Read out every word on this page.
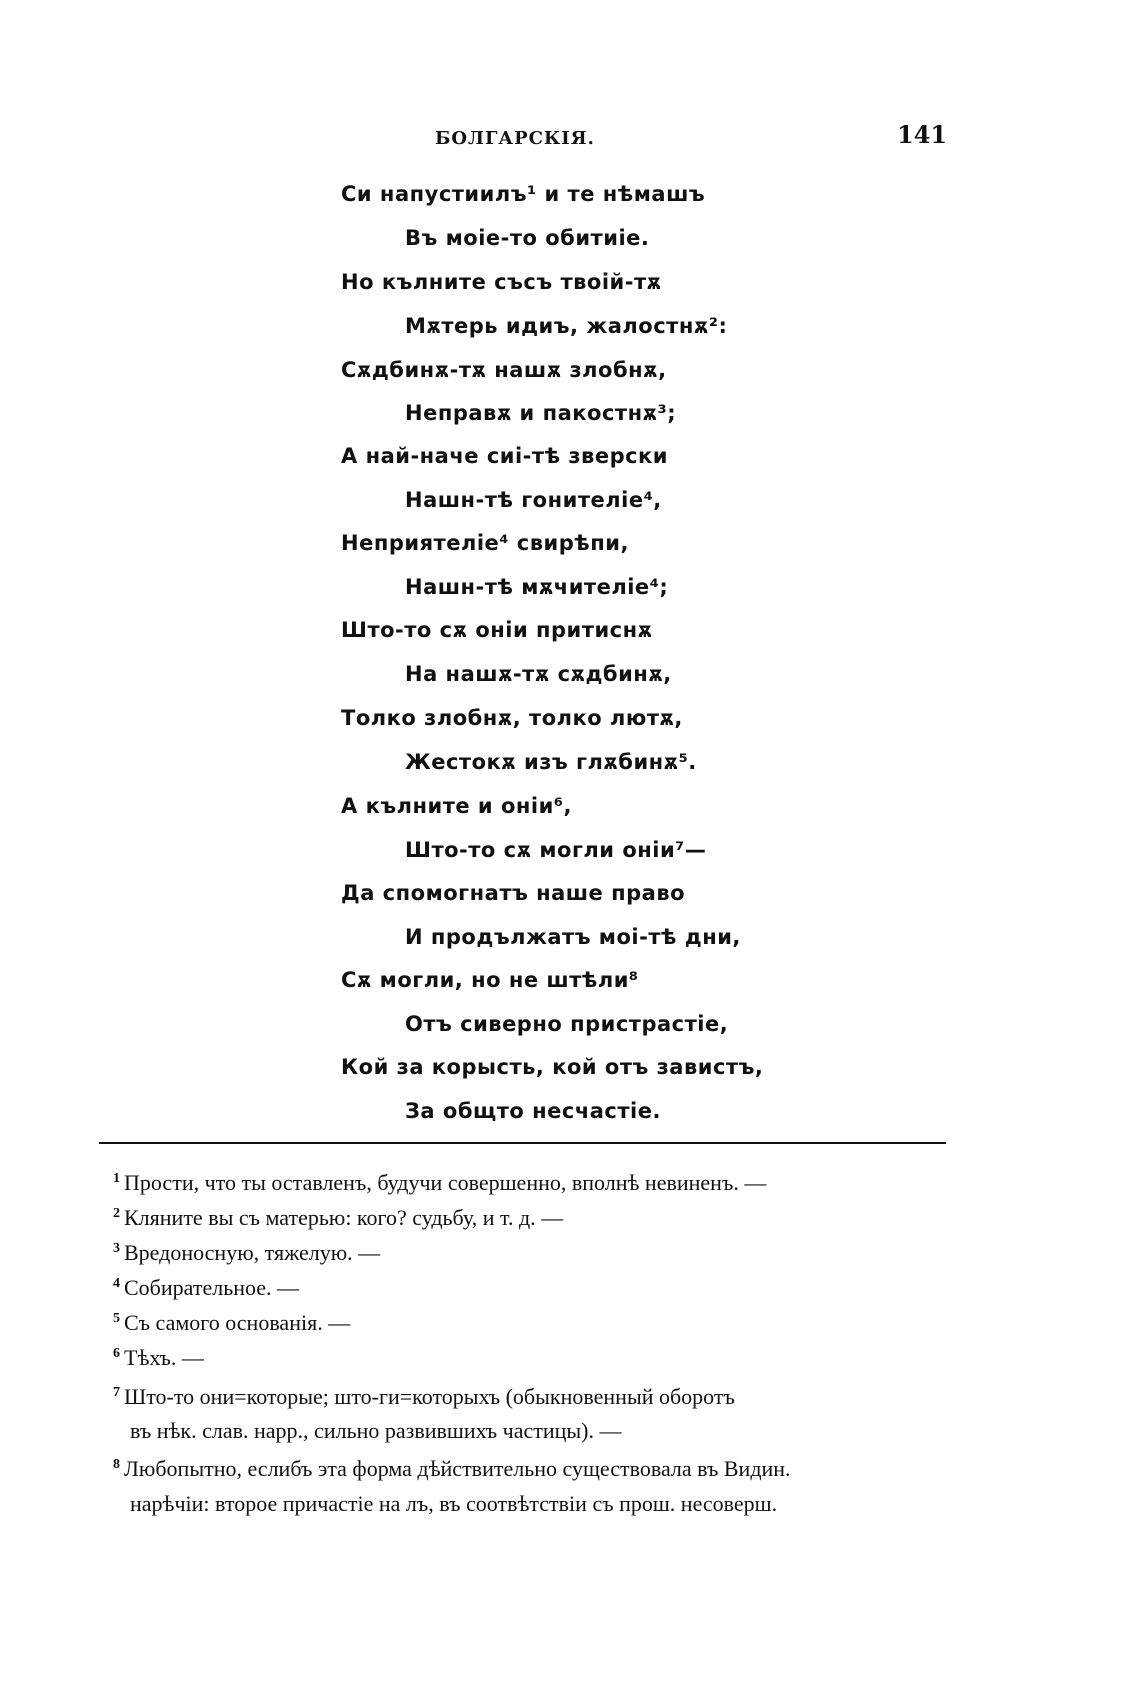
БОЛГАРСКІЯ.	141
Си напустиилъ¹ и те нѣмашъ
Въ моіе-то обитиіе.
Но кълните съсъ твоій-тѫ
Мѫтерь идиъ, жалостнѫ²:
Сѫдбинѫ-тѫ нашѫ злобнѫ,
Неправѫ и пакостнѫ³;
А най-наче сиі-тѣ зверски
Нашн-тѣ гонителіе⁴,
Неприятеліе⁴ свирѣпи,
Нашн-тѣ мѫчителіе⁴;
Што-то сѫ оніи притиснѫ
На нашѫ-тѫ сѫдбинѫ,
Толко злобнѫ, толко лютѫ,
Жестокѫ изъ глѫбинѫ⁵.
А кълните и оніи⁶,
Што-то сѫ могли оніи⁷—
Да спомогнатъ наше право
И продължатъ моі-тѣ дни,
Сѫ могли, но не штѣли⁸
Отъ сиверно пристрастіе,
Кой за корысть, кой отъ завистъ,
За общто несчастіе.
$^1$ Прости, что ты оставленъ, будучи совершенно, вполнѣ невиненъ. —
$^2$ Кляните вы съ матерью: кого? судьбу, и т. д. —
$^3$ Вредоносную, тяжелую. —
$^4$ Собирательное. —
$^5$ Съ самого основанія. —
$^6$ Тѣхъ. —
$^7$ Што-то они=которые; што-ги=которыхъ (обыкновенный оборотъ
въ нѣк. слав. нарр., сильно развившихъ частицы). —
$^8$ Любопытно, еслибъ эта форма дѣйствительно существовала въ Видин.
нарѣчіи: второе причастіе на лъ, въ соотвѣтствіи съ прош. несоверш.
